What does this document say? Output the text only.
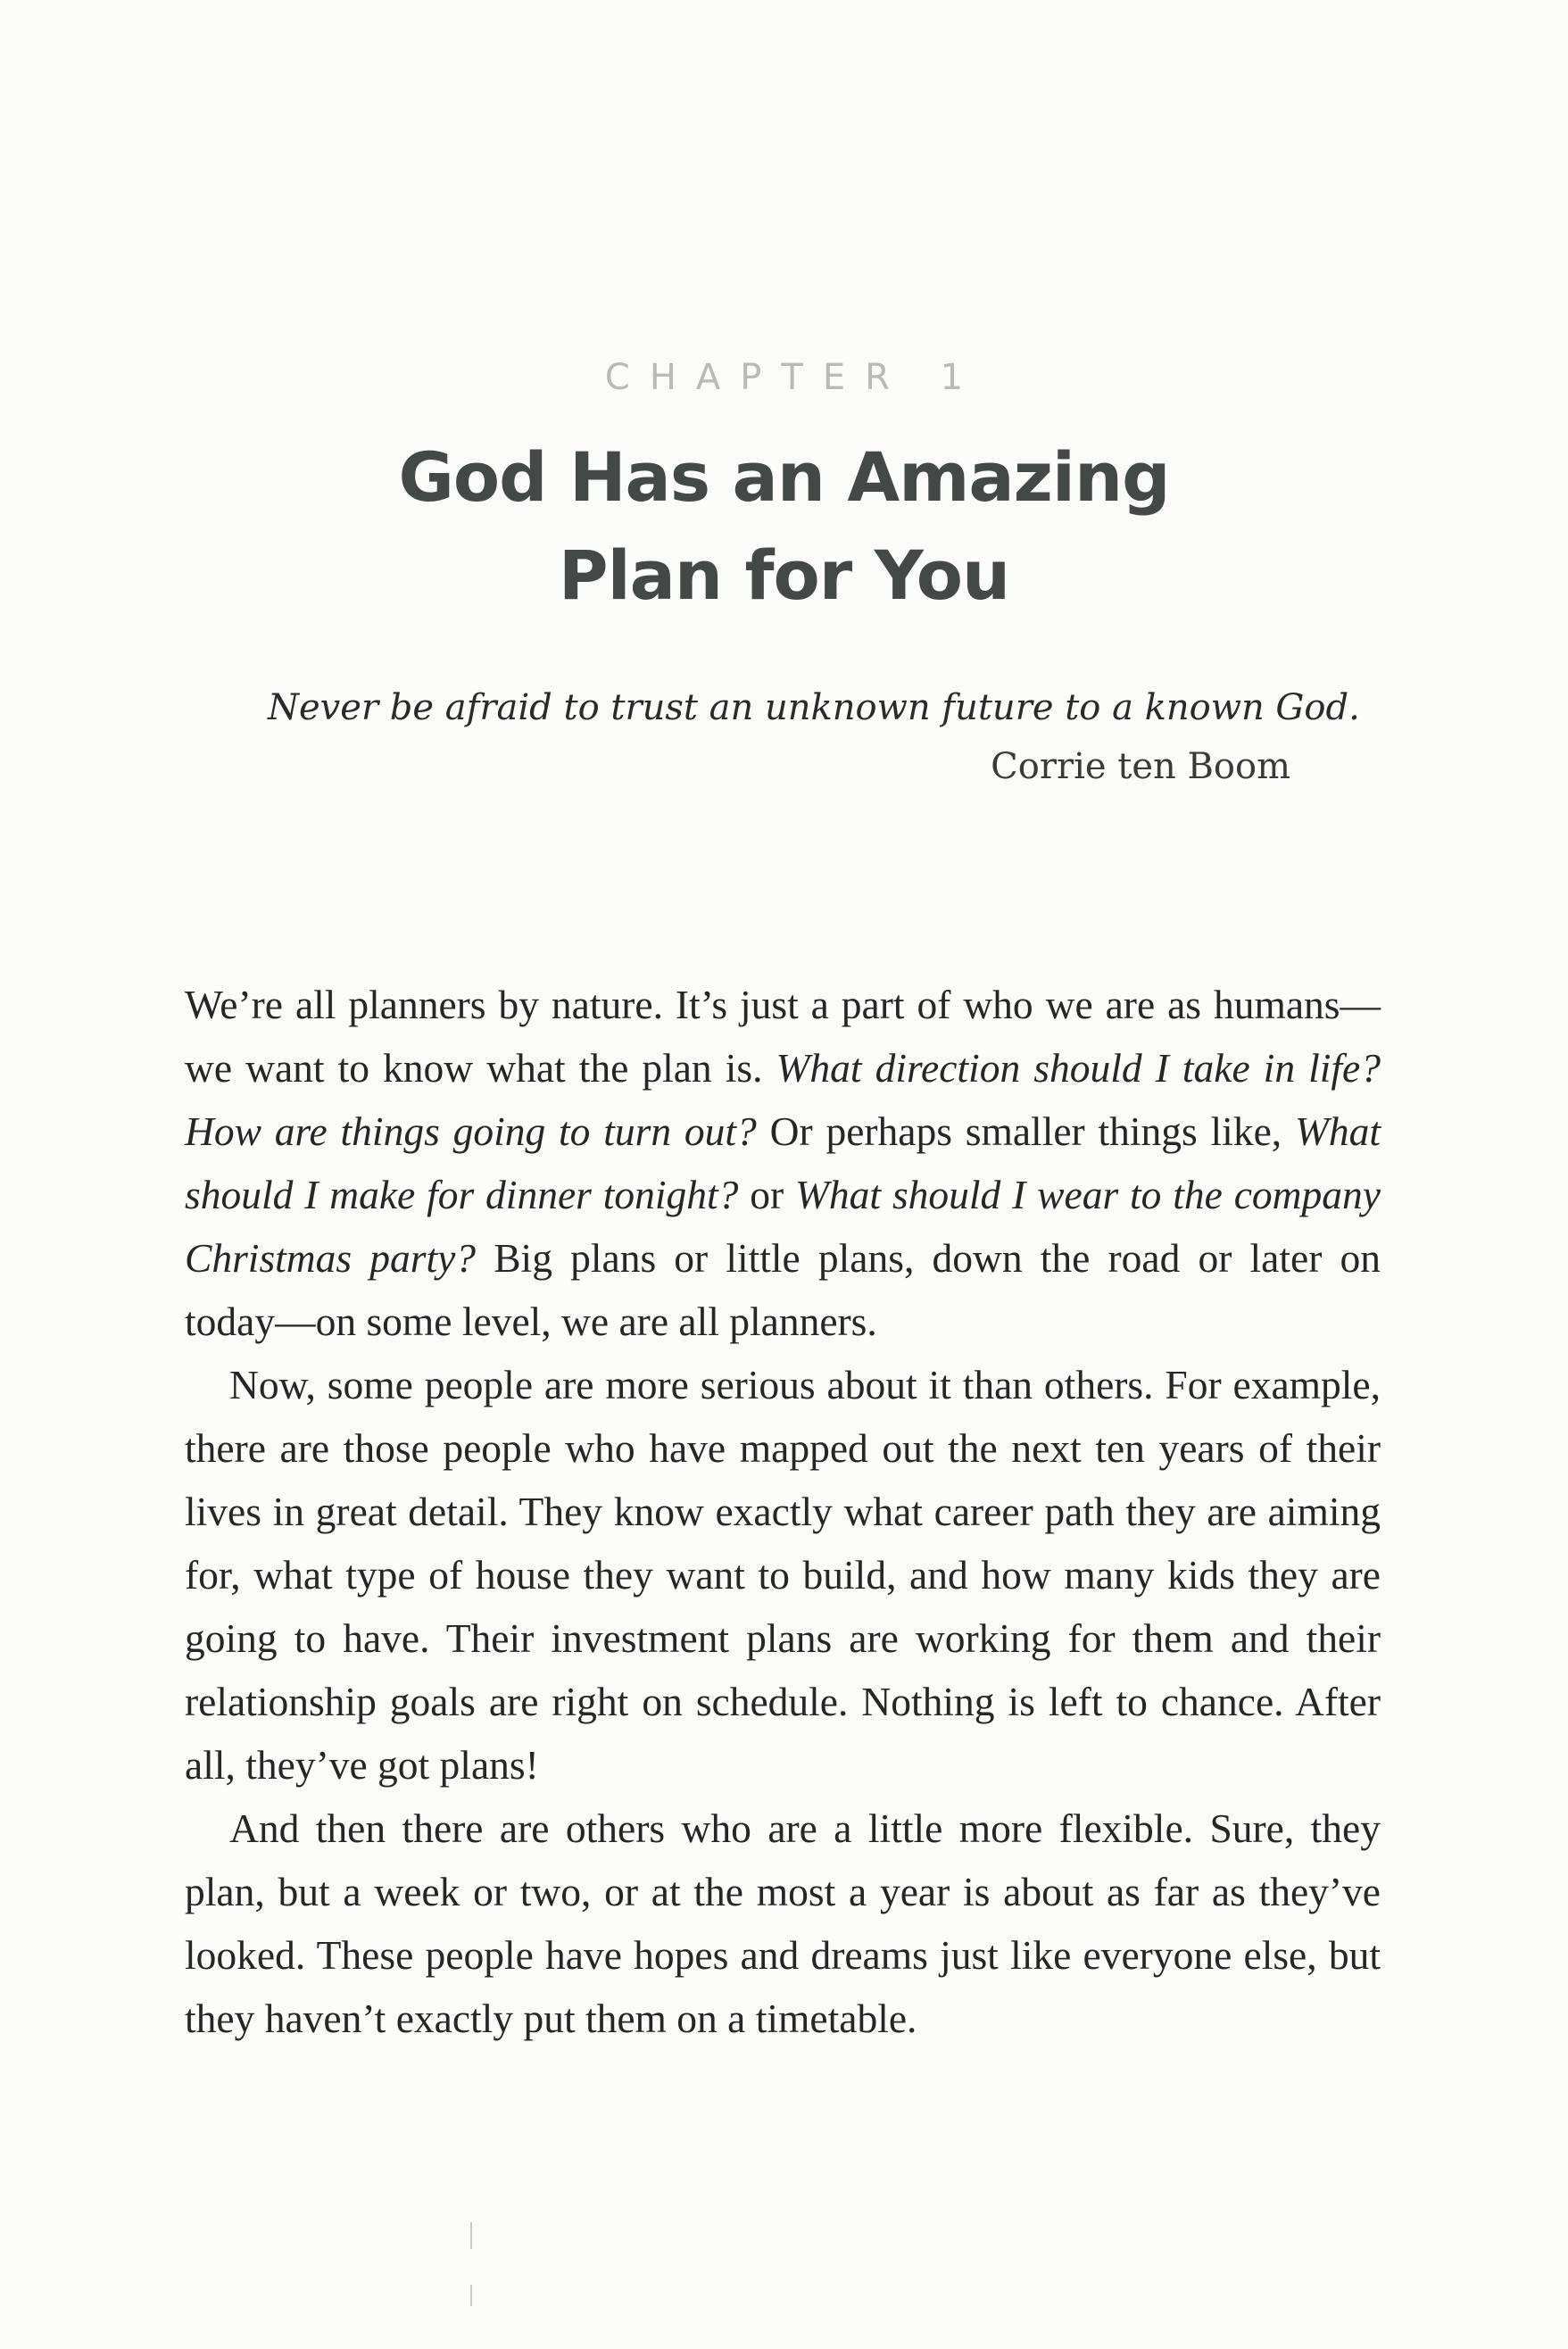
CHAPTER 1
God Has an Amazing
Plan for You
Never be afraid to trust an unknown future to a known God.
Corrie ten Boom

We’re all planners by nature. It’s just a part of who we are as humans—we want to know what the plan is. What direction should I take in life? How are things going to turn out? Or perhaps smaller things like, What should I make for dinner tonight? or What should I wear to the company Christmas party? Big plans or little plans, down the road or later on today—on some level, we are all planners.

Now, some people are more serious about it than others. For example, there are those people who have mapped out the next ten years of their lives in great detail. They know exactly what career path they are aiming for, what type of house they want to build, and how many kids they are going to have. Their investment plans are working for them and their relationship goals are right on schedule. Nothing is left to chance. After all, they’ve got plans!

And then there are others who are a little more flexible. Sure, they plan, but a week or two, or at the most a year is about as far as they’ve looked. These people have hopes and dreams just like everyone else, but they haven’t exactly put them on a timetable.
